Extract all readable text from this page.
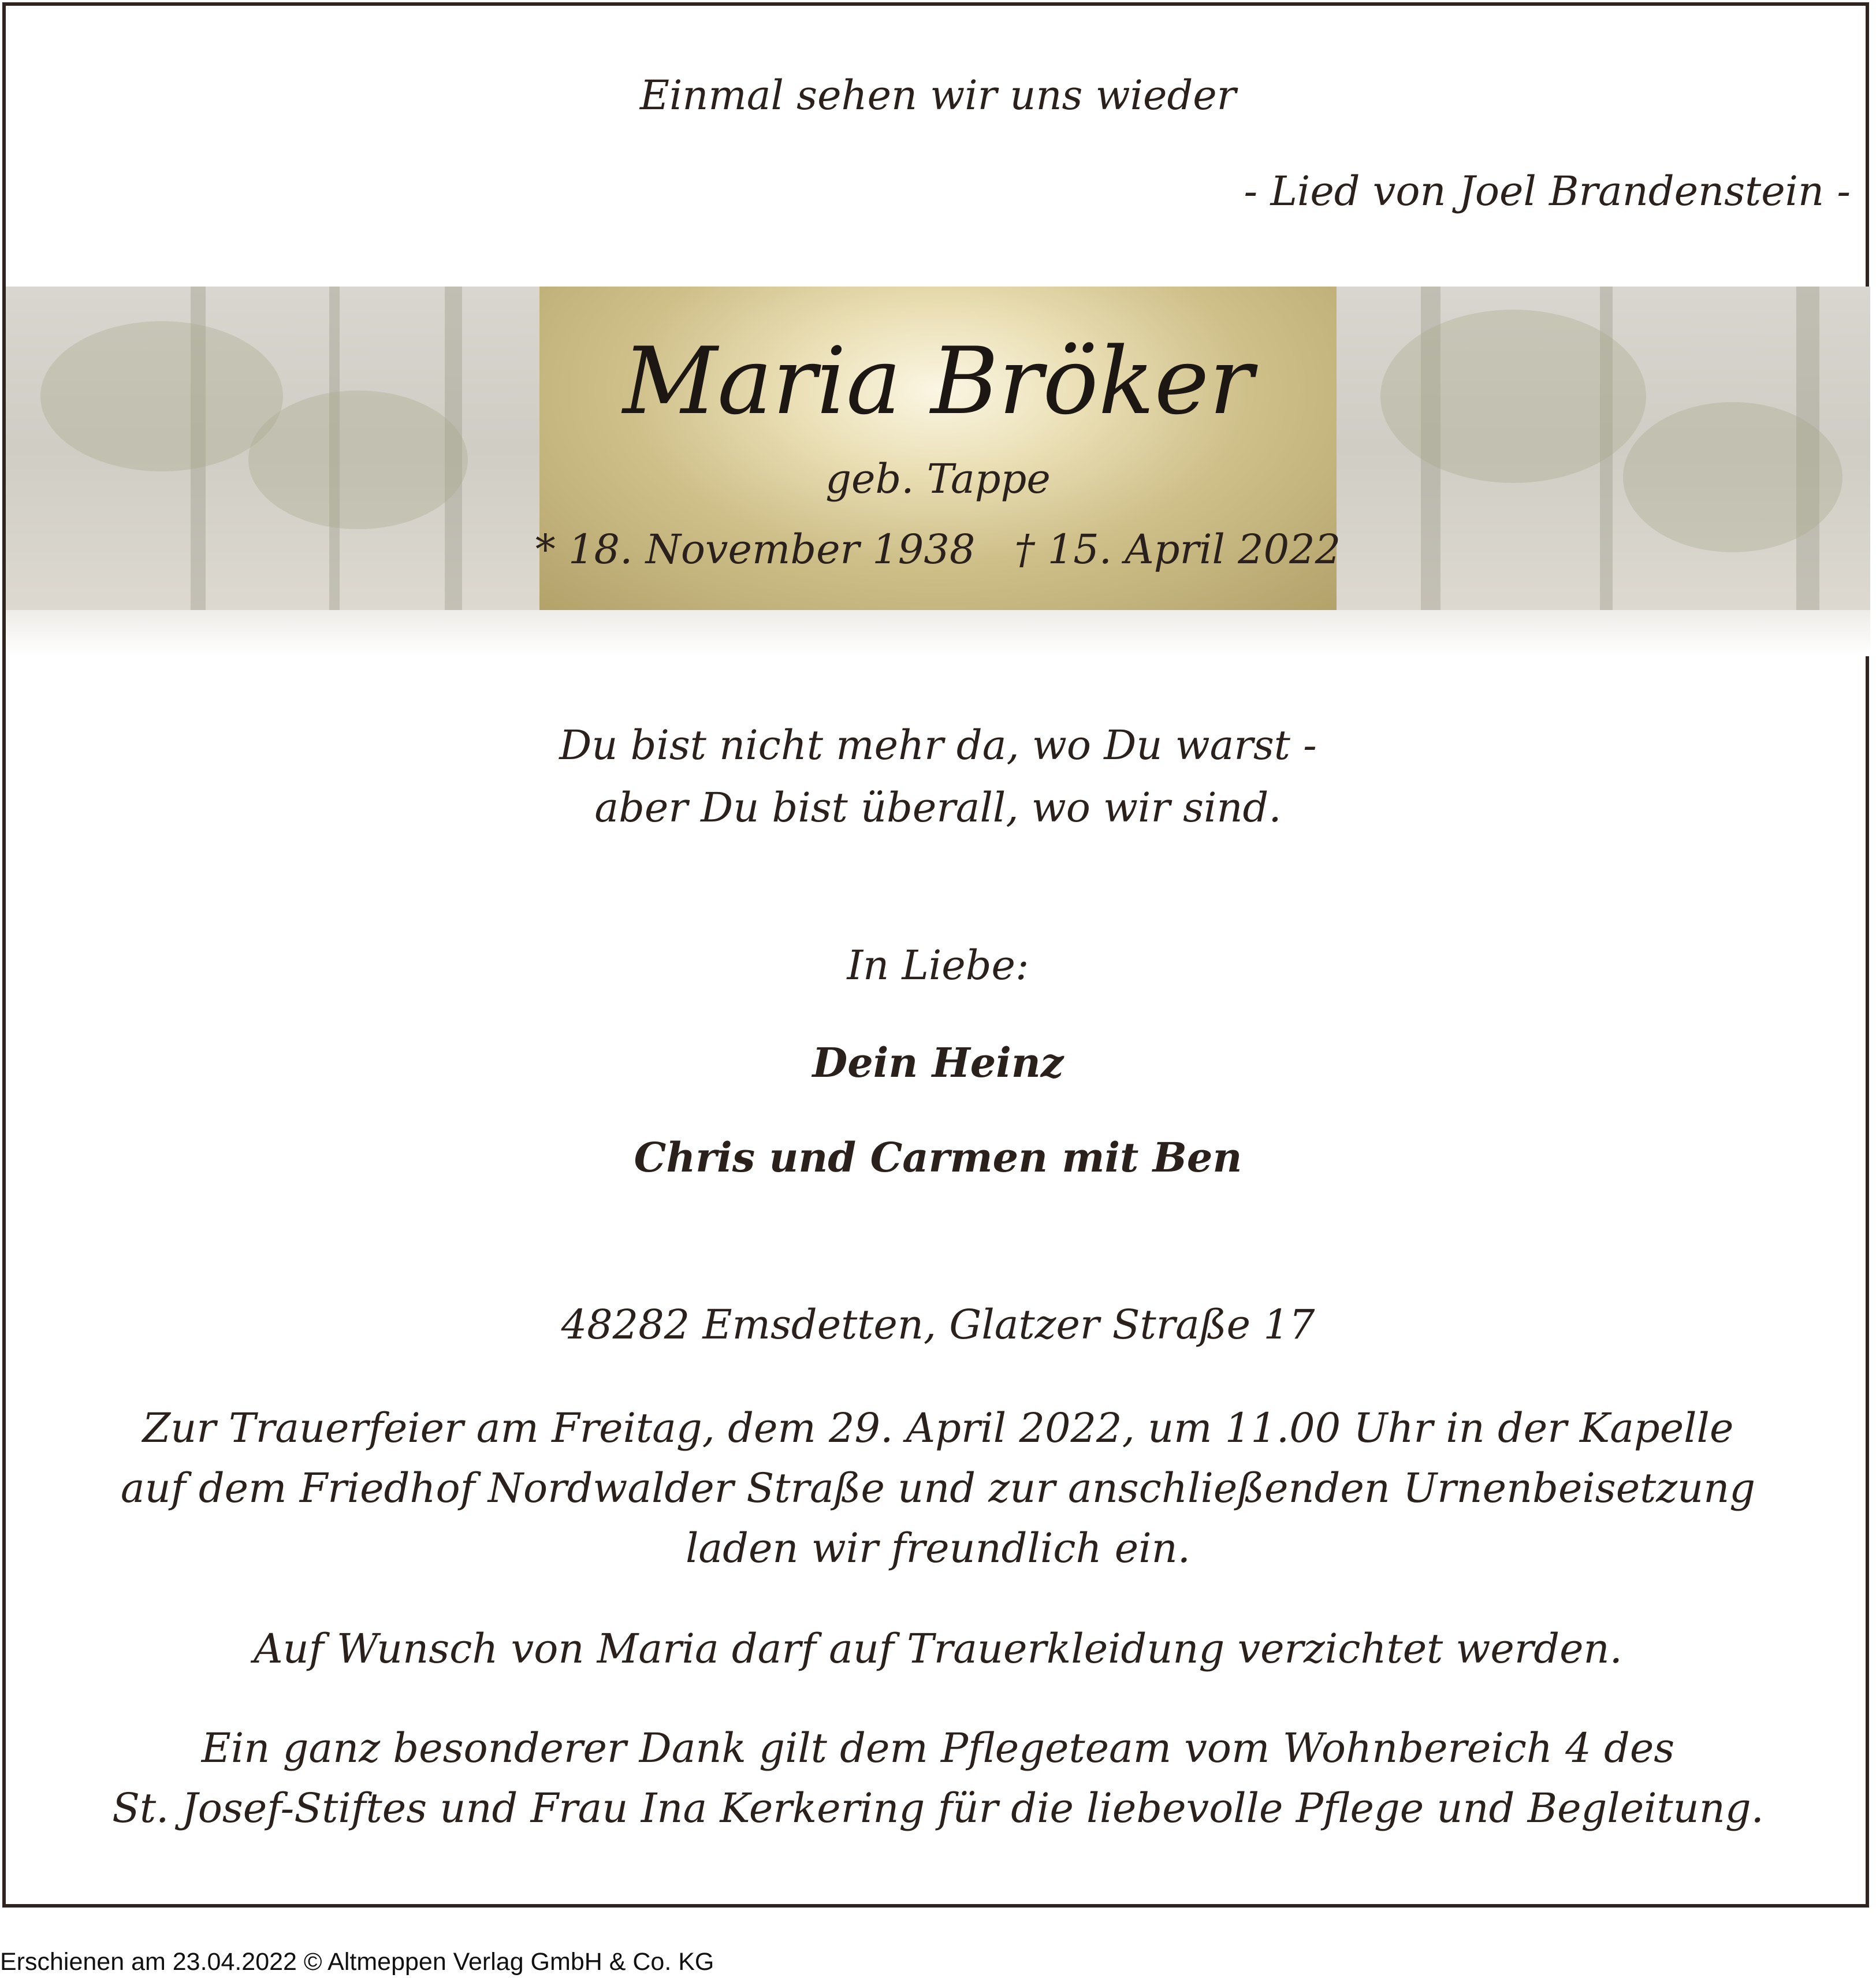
Einmal sehen wir uns wieder
- Lied von Joel Brandenstein -
Maria Bröker
geb. Tappe
* 18. November 1938 † 15. April 2022
Du bist nicht mehr da, wo Du warst -
aber Du bist überall, wo wir sind.
In Liebe:
Dein Heinz
Chris und Carmen mit Ben
48282 Emsdetten, Glatzer Straße 17
Zur Trauerfeier am Freitag, dem 29. April 2022, um 11.00 Uhr in der Kapelle
auf dem Friedhof Nordwalder Straße und zur anschließenden Urnenbeisetzung
laden wir freundlich ein.
Auf Wunsch von Maria darf auf Trauerkleidung verzichtet werden.
Ein ganz besonderer Dank gilt dem Pflegeteam vom Wohnbereich 4 des
St. Josef-Stiftes und Frau Ina Kerkering für die liebevolle Pflege und Begleitung.
Erschienen am 23.04.2022 © Altmeppen Verlag GmbH & Co. KG
